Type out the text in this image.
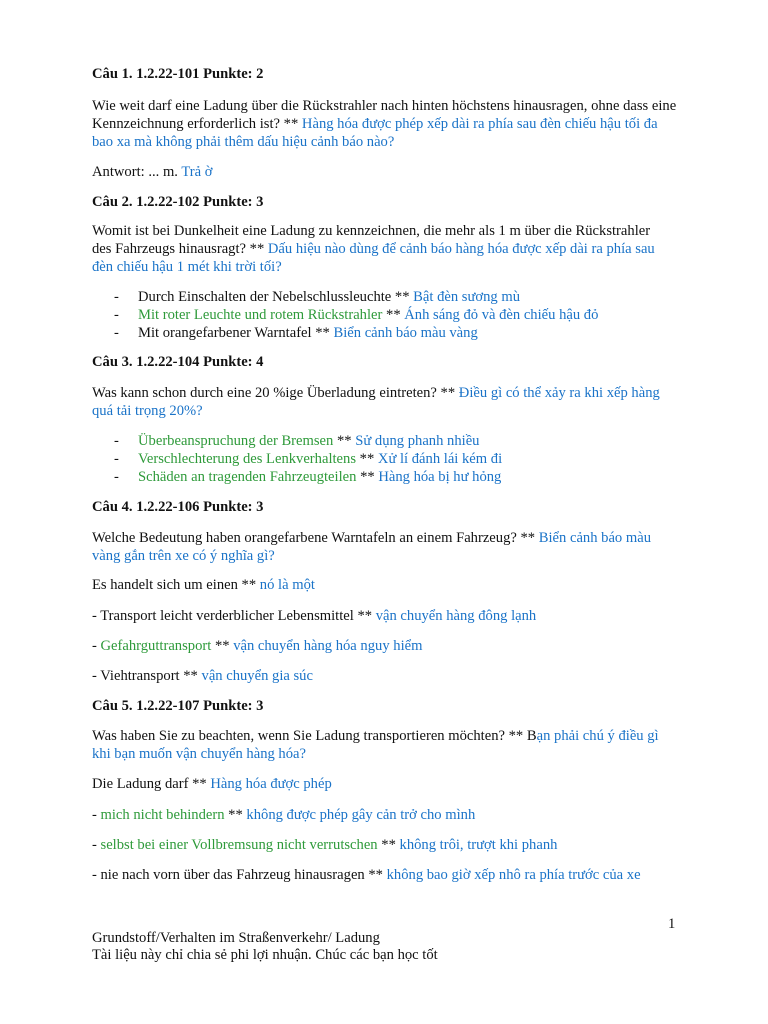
Câu 1. 1.2.22-101 Punkte: 2

Wie weit darf eine Ladung über die Rückstrahler nach hinten höchstens hinausragen, ohne dass eine Kennzeichnung erforderlich ist? ** Hàng hóa được phép xếp dài ra phía sau đèn chiếu hậu tối đa bao xa mà không phải thêm dấu hiệu cảnh báo nào?

Antwort: ... m. Trả ờ

Câu 2. 1.2.22-102 Punkte: 3

Womit ist bei Dunkelheit eine Ladung zu kennzeichnen, die mehr als 1 m über die Rückstrahler des Fahrzeugs hinausragt? ** Dấu hiệu nào dùng để cảnh báo hàng hóa được xếp dài ra phía sau đèn chiếu hậu 1 mét khi trời tối?

- Durch Einschalten der Nebelschlussleuchte ** Bật đèn sương mù
- Mit roter Leuchte und rotem Rückstrahler ** Ánh sáng đỏ và đèn chiếu hậu đỏ
- Mit orangefarbener Warntafel ** Biển cảnh báo màu vàng

Câu 3. 1.2.22-104 Punkte: 4

Was kann schon durch eine 20 %ige Überladung eintreten? ** Điều gì có thể xảy ra khi xếp hàng quá tải trọng 20%?

- Überbeanspruchung der Bremsen ** Sử dụng phanh nhiều
- Verschlechterung des Lenkverhaltens ** Xử lí đánh lái kém đi
- Schäden an tragenden Fahrzeugteilen ** Hàng hóa bị hư hỏng

Câu 4. 1.2.22-106 Punkte: 3

Welche Bedeutung haben orangefarbene Warntafeln an einem Fahrzeug? ** Biển cảnh báo màu vàng gắn trên xe có ý nghĩa gì?

Es handelt sich um einen ** nó là một

- Transport leicht verderblicher Lebensmittel ** vận chuyển hàng đông lạnh

- Gefahrguttransport ** vận chuyển hàng hóa nguy hiểm

- Viehtransport ** vận chuyển gia súc

Câu 5. 1.2.22-107 Punkte: 3

Was haben Sie zu beachten, wenn Sie Ladung transportieren möchten? ** Bạn phải chú ý điều gì khi bạn muốn vận chuyển hàng hóa?

Die Ladung darf ** Hàng hóa được phép

- mich nicht behindern ** không được phép gây cản trở cho mình

- selbst bei einer Vollbremsung nicht verrutschen ** không trôi, trượt khi phanh

- nie nach vorn über das Fahrzeug hinausragen ** không bao giờ xếp nhô ra phía trước của xe

1
Grundstoff/Verhalten im Straßenverkehr/ Ladung
Tài liệu này chỉ chia sẻ phi lợi nhuận. Chúc các bạn học tốt
